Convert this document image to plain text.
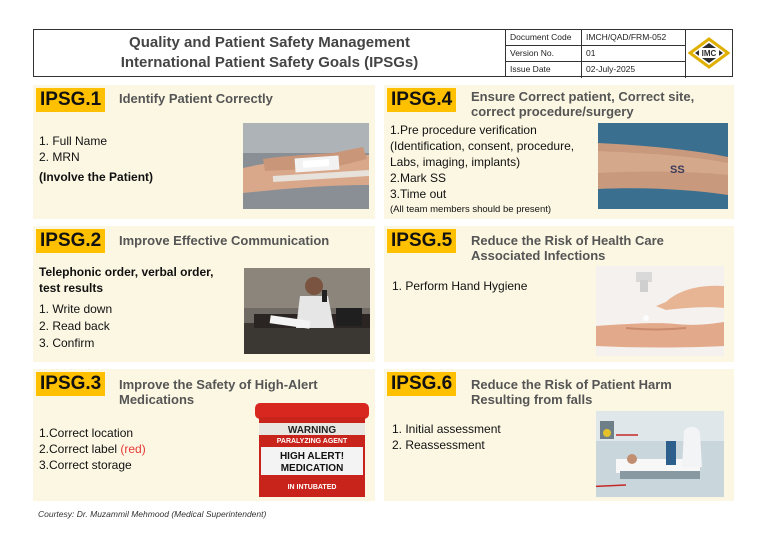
Quality and Patient Safety Management
International Patient Safety Goals (IPSGs)
Document Code	IMCH/QAD/FRM-052
Version No.	01
Issue Date	02-July-2025
IMC
IPSG.1	Identify Patient Correctly
1. Full Name
2. MRN
(Involve the Patient)
IPSG.2	Improve Effective Communication
Telephonic order, verbal order,
test results
1. Write down
2. Read back
3. Confirm
IPSG.3	Improve the Safety of High-Alert
Medications
1.Correct location
2.Correct label (red)
3.Correct storage
WARNING
PARALYZING AGENT
HIGH ALERT!
MEDICATION
IN INTUBATED
IPSG.4	Ensure Correct patient, Correct site,
correct procedure/surgery
1.Pre procedure verification
(Identification, consent, procedure,
Labs, imaging, implants)
2.Mark SS
3.Time out
(All team members should be present)
SS
IPSG.5	Reduce the Risk of Health Care
Associated Infections
1. Perform Hand Hygiene
IPSG.6	Reduce the Risk of Patient Harm
Resulting from falls
1. Initial assessment
2. Reassessment
Courtesy: Dr. Muzammil Mehmood (Medical Superintendent)
